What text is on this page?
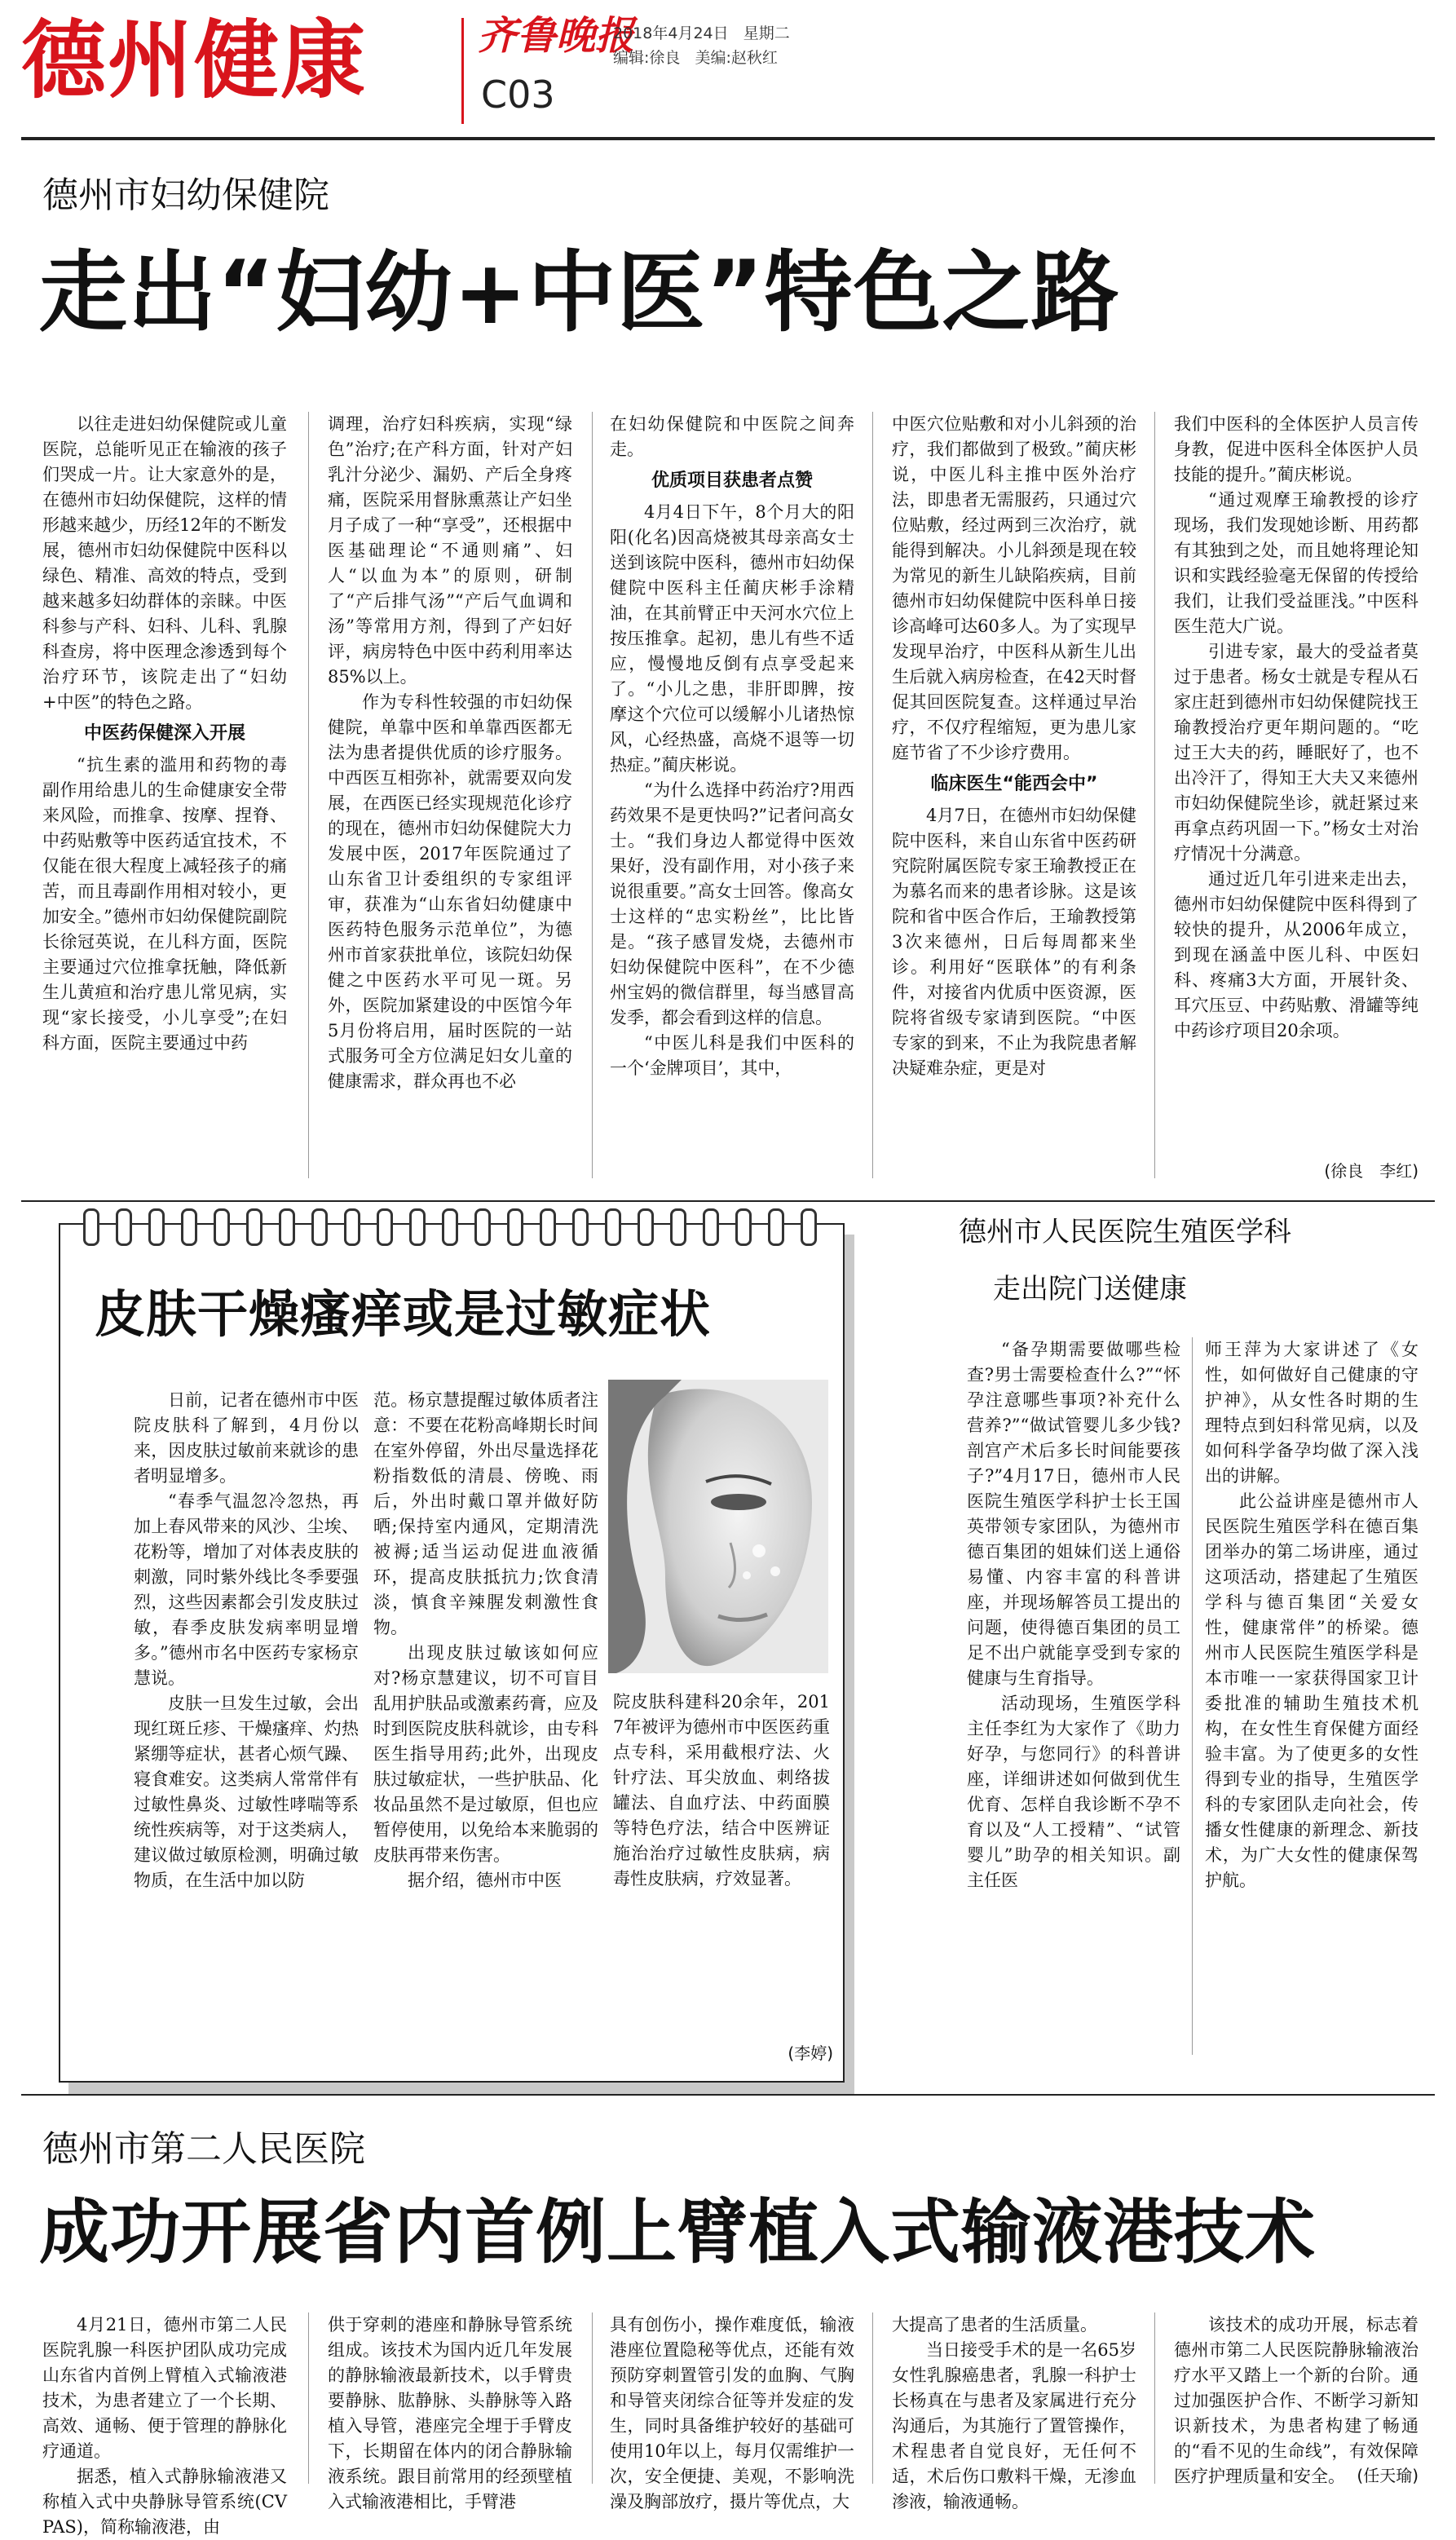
德州健康	齐鲁晚报
C03
2018年4月24日 星期二
编辑:徐良 美编:赵秋红
德州市妇幼保健院
走出“妇幼+中医”特色之路

以往走进妇幼保健院或儿童医院，总能听见正在输液的孩子们哭成一片。让大家意外的是，在德州市妇幼保健院，这样的情形越来越少，历经12年的不断发展，德州市妇幼保健院中医科以绿色、精准、高效的特点，受到越来越多妇幼群体的亲睐。中医科参与产科、妇科、儿科、乳腺科查房，将中医理念渗透到每个治疗环节，该院走出了“妇幼+中医”的特色之路。

中医药保健深入开展

“抗生素的滥用和药物的毒副作用给患儿的生命健康安全带来风险，而推拿、按摩、捏脊、中药贴敷等中医药适宜技术，不仅能在很大程度上减轻孩子的痛苦，而且毒副作用相对较小，更加安全。”德州市妇幼保健院副院长徐冠英说，在儿科方面，医院主要通过穴位推拿抚触，降低新生儿黄疸和治疗患儿常见病，实现“家长接受，小儿享受”;在妇科方面，医院主要通过中药

调理，治疗妇科疾病，实现“绿色”治疗;在产科方面，针对产妇乳汁分泌少、漏奶、产后全身疼痛，医院采用督脉熏蒸让产妇坐月子成了一种“享受”，还根据中医基础理论“不通则痛”、妇人“以血为本”的原则，研制了“产后排气汤”“产后气血调和汤”等常用方剂，得到了产妇好评，病房特色中医中药利用率达85%以上。

作为专科性较强的市妇幼保健院，单靠中医和单靠西医都无法为患者提供优质的诊疗服务。中西医互相弥补，就需要双向发展，在西医已经实现规范化诊疗的现在，德州市妇幼保健院大力发展中医，2017年医院通过了山东省卫计委组织的专家组评审，获准为“山东省妇幼健康中医药特色服务示范单位”，为德州市首家获批单位，该院妇幼保健之中医药水平可见一斑。另外，医院加紧建设的中医馆今年5月份将启用，届时医院的一站式服务可全方位满足妇女儿童的健康需求，群众再也不必

在妇幼保健院和中医院之间奔走。

优质项目获患者点赞

4月4日下午，8个月大的阳阳(化名)因高烧被其母亲高女士送到该院中医科，德州市妇幼保健院中医科主任蔺庆彬手涂精油，在其前臂正中天河水穴位上按压推拿。起初，患儿有些不适应，慢慢地反倒有点享受起来了。“小儿之患，非肝即脾，按摩这个穴位可以缓解小儿诸热惊风，心经热盛，高烧不退等一切热症。”蔺庆彬说。

“为什么选择中药治疗?用西药效果不是更快吗?”记者问高女士。“我们身边人都觉得中医效果好，没有副作用，对小孩子来说很重要。”高女士回答。像高女士这样的“忠实粉丝”，比比皆是。“孩子感冒发烧，去德州市妇幼保健院中医科”，在不少德州宝妈的微信群里，每当感冒高发季，都会看到这样的信息。

“中医儿科是我们中医科的一个‘金牌项目’，其中，

中医穴位贴敷和对小儿斜颈的治疗，我们都做到了极致。”蔺庆彬说，中医儿科主推中医外治疗法，即患者无需服药，只通过穴位贴敷，经过两到三次治疗，就能得到解决。小儿斜颈是现在较为常见的新生儿缺陷疾病，目前德州市妇幼保健院中医科单日接诊高峰可达60多人。为了实现早发现早治疗，中医科从新生儿出生后就入病房检查，在42天时督促其回医院复查。这样通过早治疗，不仅疗程缩短，更为患儿家庭节省了不少诊疗费用。

临床医生“能西会中”

4月7日，在德州市妇幼保健院中医科，来自山东省中医药研究院附属医院专家王瑜教授正在为慕名而来的患者诊脉。这是该院和省中医合作后，王瑜教授第3次来德州，日后每周都来坐诊。利用好“医联体”的有利条件，对接省内优质中医资源，医院将省级专家请到医院。“中医专家的到来，不止为我院患者解决疑难杂症，更是对

我们中医科的全体医护人员言传身教，促进中医科全体医护人员技能的提升。”蔺庆彬说。

“通过观摩王瑜教授的诊疗现场，我们发现她诊断、用药都有其独到之处，而且她将理论知识和实践经验毫无保留的传授给我们，让我们受益匪浅。”中医科医生范大广说。

引进专家，最大的受益者莫过于患者。杨女士就是专程从石家庄赶到德州市妇幼保健院找王瑜教授治疗更年期问题的。“吃过王大夫的药，睡眠好了，也不出冷汗了，得知王大夫又来德州市妇幼保健院坐诊，就赶紧过来再拿点药巩固一下。”杨女士对治疗情况十分满意。

通过近几年引进来走出去，德州市妇幼保健院中医科得到了较快的提升，从2006年成立，到现在涵盖中医儿科、中医妇科、疼痛3大方面，开展针灸、耳穴压豆、中药贴敷、滑罐等纯中药诊疗项目20余项。

(徐良　李红)
皮肤干燥瘙痒或是过敏症状

日前，记者在德州市中医院皮肤科了解到，4月份以来，因皮肤过敏前来就诊的患者明显增多。

“春季气温忽冷忽热，再加上春风带来的风沙、尘埃、花粉等，增加了对体表皮肤的刺激，同时紫外线比冬季要强烈，这些因素都会引发皮肤过敏，春季皮肤发病率明显增多。”德州市名中医药专家杨京慧说。

皮肤一旦发生过敏，会出现红斑丘疹、干燥瘙痒、灼热紧绷等症状，甚者心烦气躁、寝食难安。这类病人常常伴有过敏性鼻炎、过敏性哮喘等系统性疾病等，对于这类病人，建议做过敏原检测，明确过敏物质，在生活中加以防

范。杨京慧提醒过敏体质者注意：不要在花粉高峰期长时间在室外停留，外出尽量选择花粉指数低的清晨、傍晚、雨后，外出时戴口罩并做好防晒;保持室内通风，定期清洗被褥;适当运动促进血液循环，提高皮肤抵抗力;饮食清淡，慎食辛辣腥发刺激性食物。

出现皮肤过敏该如何应对?杨京慧建议，切不可盲目乱用护肤品或激素药膏，应及时到医院皮肤科就诊，由专科医生指导用药;此外，出现皮肤过敏症状，一些护肤品、化妆品虽然不是过敏原，但也应暂停使用，以免给本来脆弱的皮肤再带来伤害。

据介绍，德州市中医

院皮肤科建科20余年，2017年被评为德州市中医医药重点专科，采用截根疗法、火针疗法、耳尖放血、刺络拔罐法、自血疗法、中药面膜等特色疗法，结合中医辨证施治治疗过敏性皮肤病，病毒性皮肤病，疗效显著。

(李婷)
德州市人民医院生殖医学科
走出院门送健康

“备孕期需要做哪些检查?男士需要检查什么?”“怀孕注意哪些事项?补充什么营养?”“做试管婴儿多少钱?剖宫产术后多长时间能要孩子?”4月17日，德州市人民医院生殖医学科护士长王国英带领专家团队，为德州市德百集团的姐妹们送上通俗易懂、内容丰富的科普讲座，并现场解答员工提出的问题，使得德百集团的员工足不出户就能享受到专家的健康与生育指导。

活动现场，生殖医学科主任李红为大家作了《助力好孕，与您同行》的科普讲座，详细讲述如何做到优生优育、怎样自我诊断不孕不育以及“人工授精”、“试管婴儿”助孕的相关知识。副主任医

师王萍为大家讲述了《女性，如何做好自己健康的守护神》，从女性各时期的生理特点到妇科常见病，以及如何科学备孕均做了深入浅出的讲解。

此公益讲座是德州市人民医院生殖医学科在德百集团举办的第二场讲座，通过这项活动，搭建起了生殖医学科与德百集团“关爱女性，健康常伴”的桥梁。德州市人民医院生殖医学科是本市唯一一家获得国家卫计委批准的辅助生殖技术机构，在女性生育保健方面经验丰富。为了使更多的女性得到专业的指导，生殖医学科的专家团队走向社会，传播女性健康的新理念、新技术，为广大女性的健康保驾护航。

德州市第二人民医院
成功开展省内首例上臂植入式输液港技术

4月21日，德州市第二人民医院乳腺一科医护团队成功完成山东省内首例上臂植入式输液港技术，为患者建立了一个长期、高效、通畅、便于管理的静脉化疗通道。

据悉，植入式静脉输液港又称植入式中央静脉导管系统(CVPAS)，简称输液港，由

供于穿刺的港座和静脉导管系统组成。该技术为国内近几年发展的静脉输液最新技术，以手臂贵要静脉、肱静脉、头静脉等入路植入导管，港座完全埋于手臂皮下，长期留在体内的闭合静脉输液系统。跟目前常用的经颈壁植入式输液港相比，手臂港

具有创伤小，操作难度低，输液港座位置隐秘等优点，还能有效预防穿刺置管引发的血胸、气胸和导管夹闭综合征等并发症的发生，同时具备维护较好的基础可使用10年以上，每月仅需维护一次，安全便捷、美观，不影响洗澡及胸部放疗，摄片等优点，大

大提高了患者的生活质量。

当日接受手术的是一名65岁女性乳腺癌患者，乳腺一科护士长杨真在与患者及家属进行充分沟通后，为其施行了置管操作，术程患者自觉良好，无任何不适，术后伤口敷料干燥，无渗血渗液，输液通畅。

该技术的成功开展，标志着德州市第二人民医院静脉输液治疗水平又踏上一个新的台阶。通过加强医护合作、不断学习新知识新技术，为患者构建了畅通的“看不见的生命线”，有效保障医疗护理质量和安全。 (任天瑜)
